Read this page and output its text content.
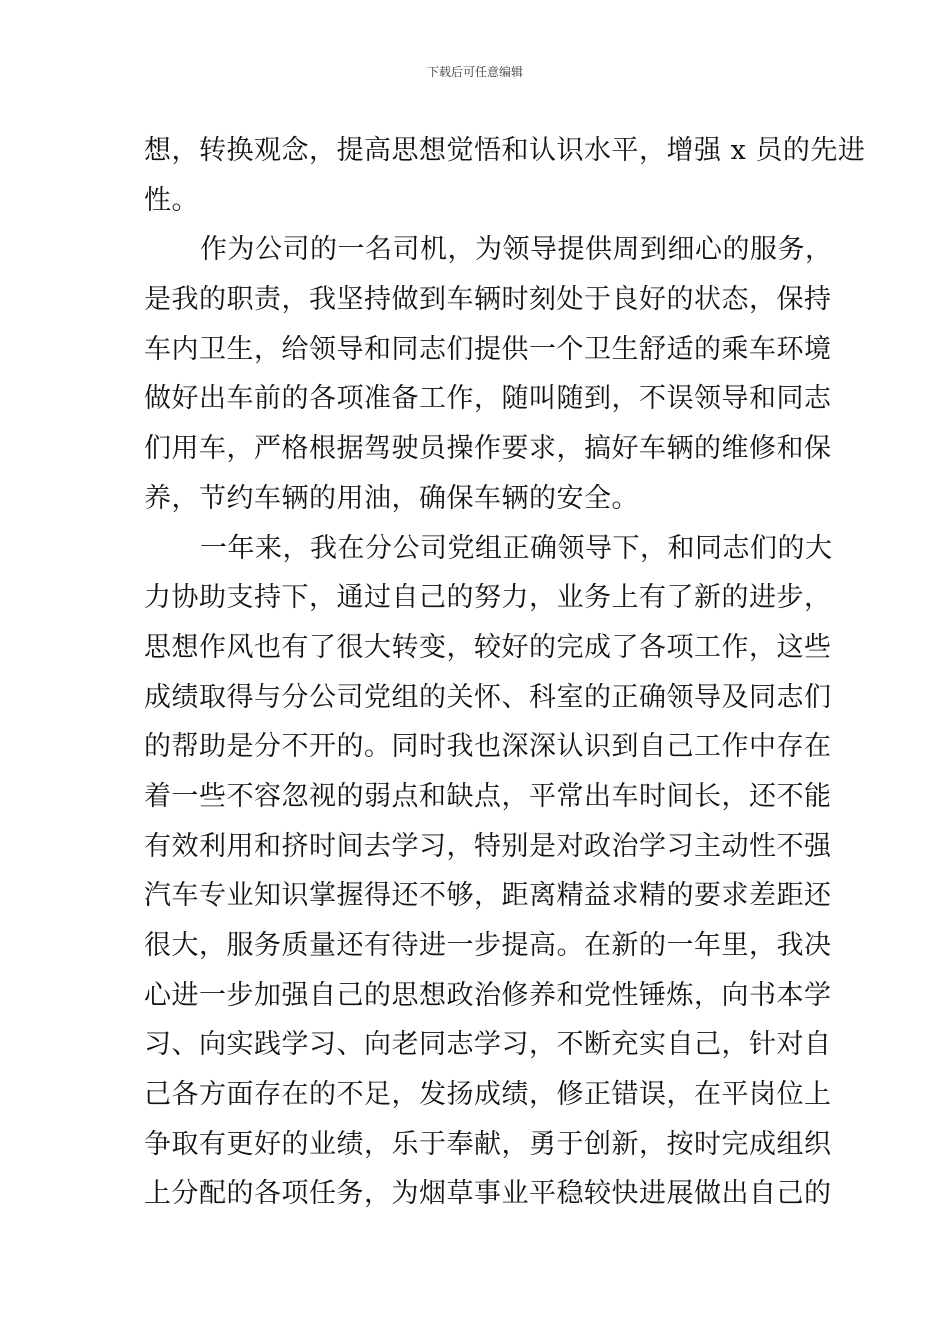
下载后可任意编辑
想，转换观念，提高思想觉悟和认识水平，增强 x 员的先进
性。
作为公司的一名司机，为领导提供周到细心的服务，
是我的职责，我坚持做到车辆时刻处于良好的状态，保持
车内卫生，给领导和同志们提供一个卫生舒适的乘车环境
做好出车前的各项准备工作，随叫随到，不误领导和同志
们用车，严格根据驾驶员操作要求，搞好车辆的维修和保
养，节约车辆的用油，确保车辆的安全。
一年来，我在分公司党组正确领导下，和同志们的大
力协助支持下，通过自己的努力，业务上有了新的进步，
思想作风也有了很大转变，较好的完成了各项工作，这些
成绩取得与分公司党组的关怀、科室的正确领导及同志们
的帮助是分不开的。同时我也深深认识到自己工作中存在
着一些不容忽视的弱点和缺点，平常出车时间长，还不能
有效利用和挤时间去学习，特别是对政治学习主动性不强
汽车专业知识掌握得还不够，距离精益求精的要求差距还
很大，服务质量还有待进一步提高。在新的一年里，我决
心进一步加强自己的思想政治修养和党性锤炼，向书本学
习、向实践学习、向老同志学习，不断充实自己，针对自
己各方面存在的不足，发扬成绩，修正错误，在平岗位上
争取有更好的业绩，乐于奉献，勇于创新，按时完成组织
上分配的各项任务，为烟草事业平稳较快进展做出自己的
